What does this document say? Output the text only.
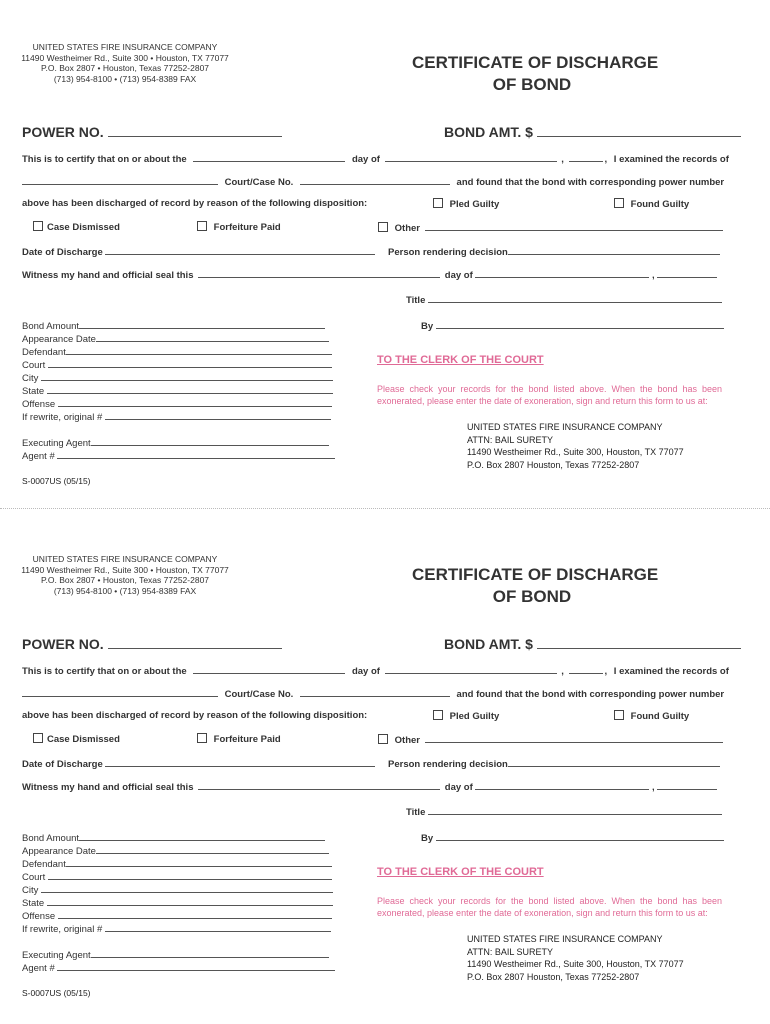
UNITED STATES FIRE INSURANCE COMPANY
11490 Westheimer Rd., Suite 300 • Houston, TX 77077
P.O. Box 2807 • Houston, Texas 77252-2807
(713) 954-8100 • (713) 954-8389 FAX
CERTIFICATE OF DISCHARGE
OF BOND
POWER NO.	BOND AMT. $
This is to certify that on or about the	day of	,	, I examined the records of
Court/Case No.	and found that the bond with corresponding power number
above has been discharged of record by reason of the following disposition:	Pled Guilty	Found Guilty
Case Dismissed	Forfeiture Paid	Other
Date of Discharge	Person rendering decision
Witness my hand and official seal this	day of	,
Title
By
Bond Amount
Appearance Date
Defendant
Court
City
State
Offense
If rewrite, original #
Executing Agent
Agent #
TO THE CLERK OF THE COURT
Please check your records for the bond listed above. When the bond has been exonerated, please enter the date of exoneration, sign and return this form to us at:
UNITED STATES FIRE INSURANCE COMPANY
ATTN: BAIL SURETY
11490 Westheimer Rd., Suite 300, Houston, TX 77077
P.O. Box 2807 Houston, Texas 77252-2807
S-0007US (05/15)
UNITED STATES FIRE INSURANCE COMPANY
11490 Westheimer Rd., Suite 300 • Houston, TX 77077
P.O. Box 2807 • Houston, Texas 77252-2807
(713) 954-8100 • (713) 954-8389 FAX
CERTIFICATE OF DISCHARGE
OF BOND
POWER NO.	BOND AMT. $
This is to certify that on or about the	day of	,	, I examined the records of
Court/Case No.	and found that the bond with corresponding power number
above has been discharged of record by reason of the following disposition:	Pled Guilty	Found Guilty
Case Dismissed	Forfeiture Paid	Other
Date of Discharge	Person rendering decision
Witness my hand and official seal this	day of	,
Title
By
Bond Amount
Appearance Date
Defendant
Court
City
State
Offense
If rewrite, original #
Executing Agent
Agent #
TO THE CLERK OF THE COURT
Please check your records for the bond listed above. When the bond has been exonerated, please enter the date of exoneration, sign and return this form to us at:
UNITED STATES FIRE INSURANCE COMPANY
ATTN: BAIL SURETY
11490 Westheimer Rd., Suite 300, Houston, TX 77077
P.O. Box 2807 Houston, Texas 77252-2807
S-0007US (05/15)
